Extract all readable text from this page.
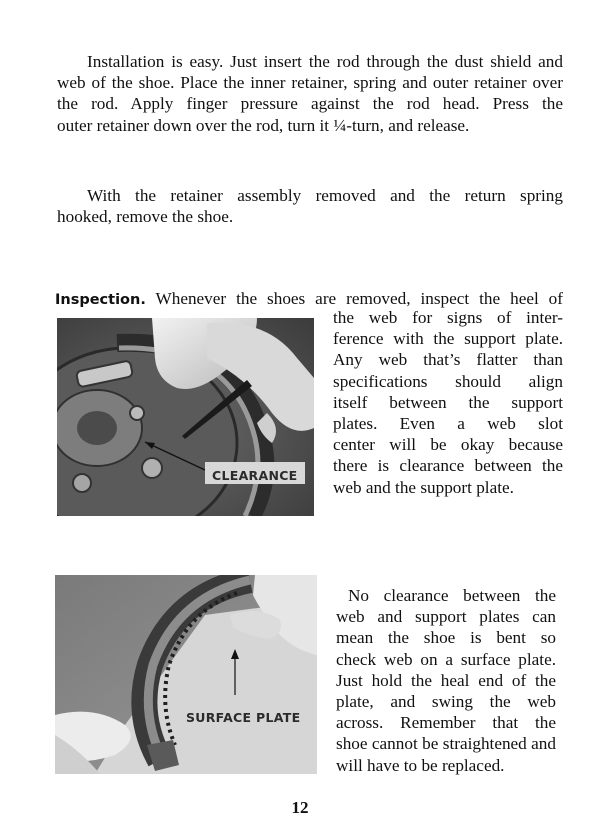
Installation is easy. Just insert the rod through the dust shield and
web of the shoe. Place the inner retainer, spring and outer retainer over
the rod. Apply finger pressure against the rod head. Press the
outer retainer down over the rod, turn it ¼-turn, and release.
With the retainer assembly removed and the return spring
hooked, remove the shoe.
Inspection. Whenever the shoes are removed, inspect the heel of
the web for signs of inter-
ference with the support plate.
Any web that’s flatter than
specifications should align
itself between the support
plates. Even a web slot
center will be okay because
there is clearance between the
web and the support plate.
CLEARANCE
SURFACE PLATE
No clearance between the
web and support plates can
mean the shoe is bent so
check web on a surface plate.
Just hold the heal end of the
plate, and swing the web
across. Remember that the
shoe cannot be straightened and
will have to be replaced.
12
